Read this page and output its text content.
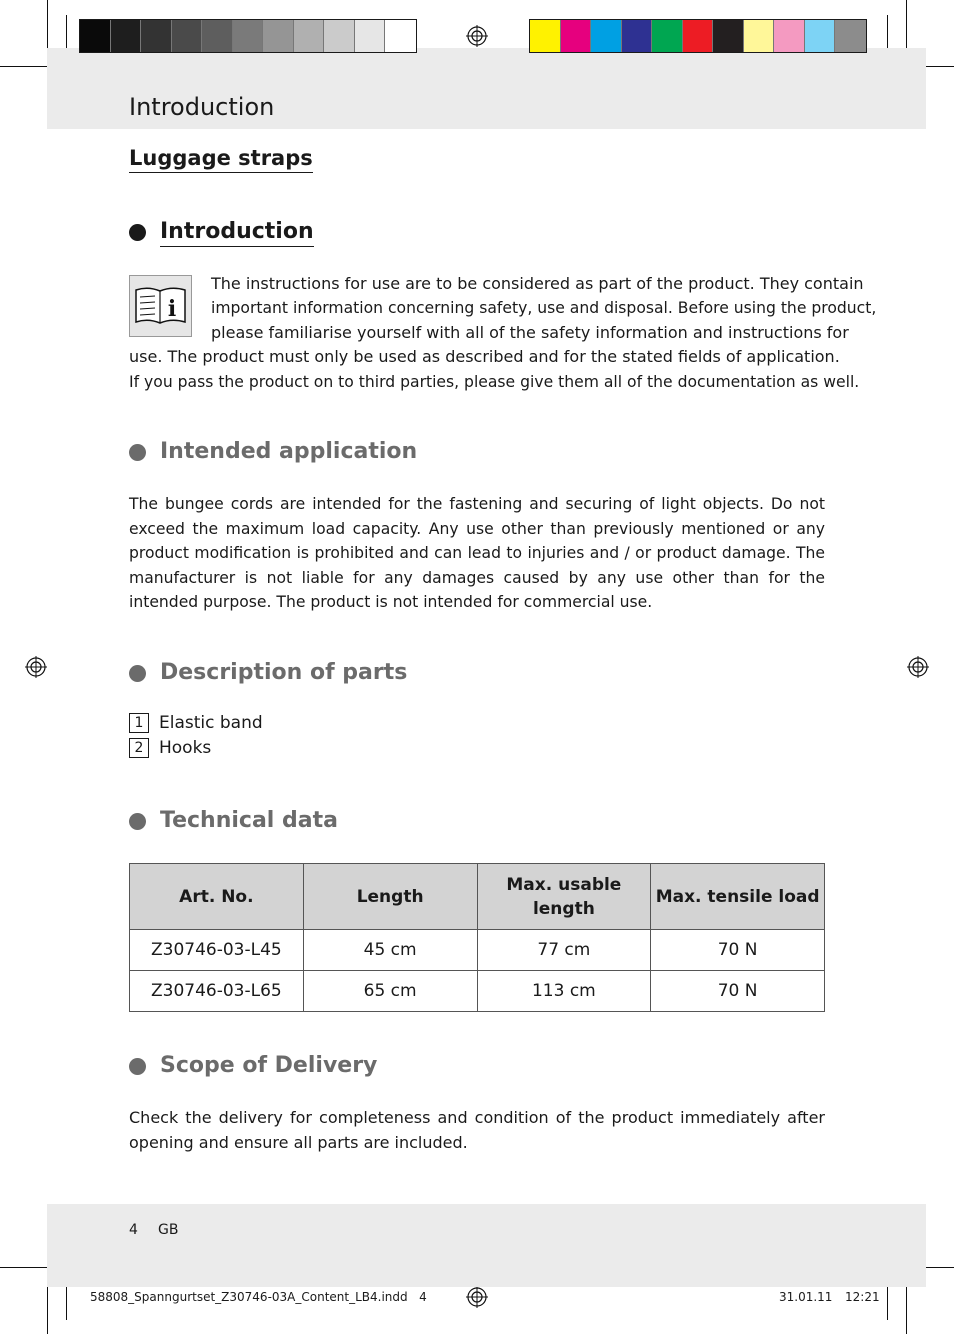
Introduction
Luggage straps
Introduction
i
The instructions for use are to be considered as part of the product. They contain
important information concerning safety, use and disposal. Before using the product,
please familiarise yourself with all of the safety information and instructions for
use. The product must only be used as described and for the stated fields of application.
If you pass the product on to third parties, please give them all of the documentation as well.
Intended application
The bungee cords are intended for the fastening and securing of light objects. Do not exceed the maximum load capacity. Any use other than previously mentioned or any product modification is prohibited and can lead to injuries and / or product damage. The manufacturer is not liable for any damages caused by any use other than for the intended purpose. The product is not intended for commercial use.
Description of parts
1 Elastic band
2 Hooks
Technical data
Art. No.	Length	Max. usable length	Max. tensile load
Z30746-03-L45	45 cm	77 cm	70 N
Z30746-03-L65	65 cm	113 cm	70 N
Scope of Delivery
Check the delivery for completeness and condition of the product immediately after opening and ensure all parts are included.
4 GB
58808_Spanngurtset_Z30746-03A_Content_LB4.indd   4	31.01.11 12:21
